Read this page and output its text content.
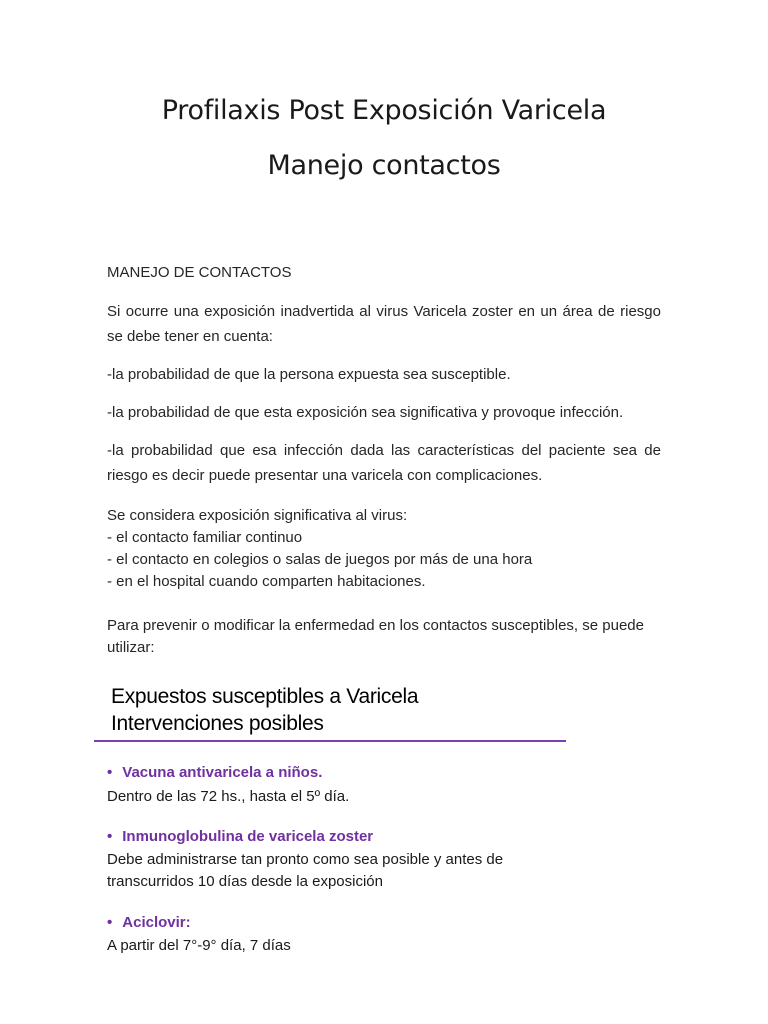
Profilaxis Post Exposición Varicela
Manejo contactos
MANEJO DE CONTACTOS
Si ocurre una exposición inadvertida al virus Varicela zoster en un área de riesgo se debe tener en cuenta:
-la probabilidad de que la persona expuesta sea susceptible.
-la probabilidad de que esta exposición sea significativa y provoque infección.
-la probabilidad que esa infección dada las características del paciente sea de riesgo es decir puede presentar una varicela con complicaciones.

Se considera exposición significativa al virus:

- el contacto familiar continuo

- el contacto en colegios o salas de juegos por más de una hora

- en el hospital cuando comparten habitaciones.

Para prevenir o modificar la enfermedad en los contactos susceptibles, se puede utilizar:
Expuestos susceptibles a Varicela
Intervenciones posibles
• Vacuna antivaricela a niños.
Dentro de las 72 hs., hasta el 5º día.
• Inmunoglobulina de varicela zoster
Debe administrarse tan pronto como sea posible y antes de transcurridos 10 días desde la exposición
• Aciclovir:
A partir del 7°-9° día, 7 días
